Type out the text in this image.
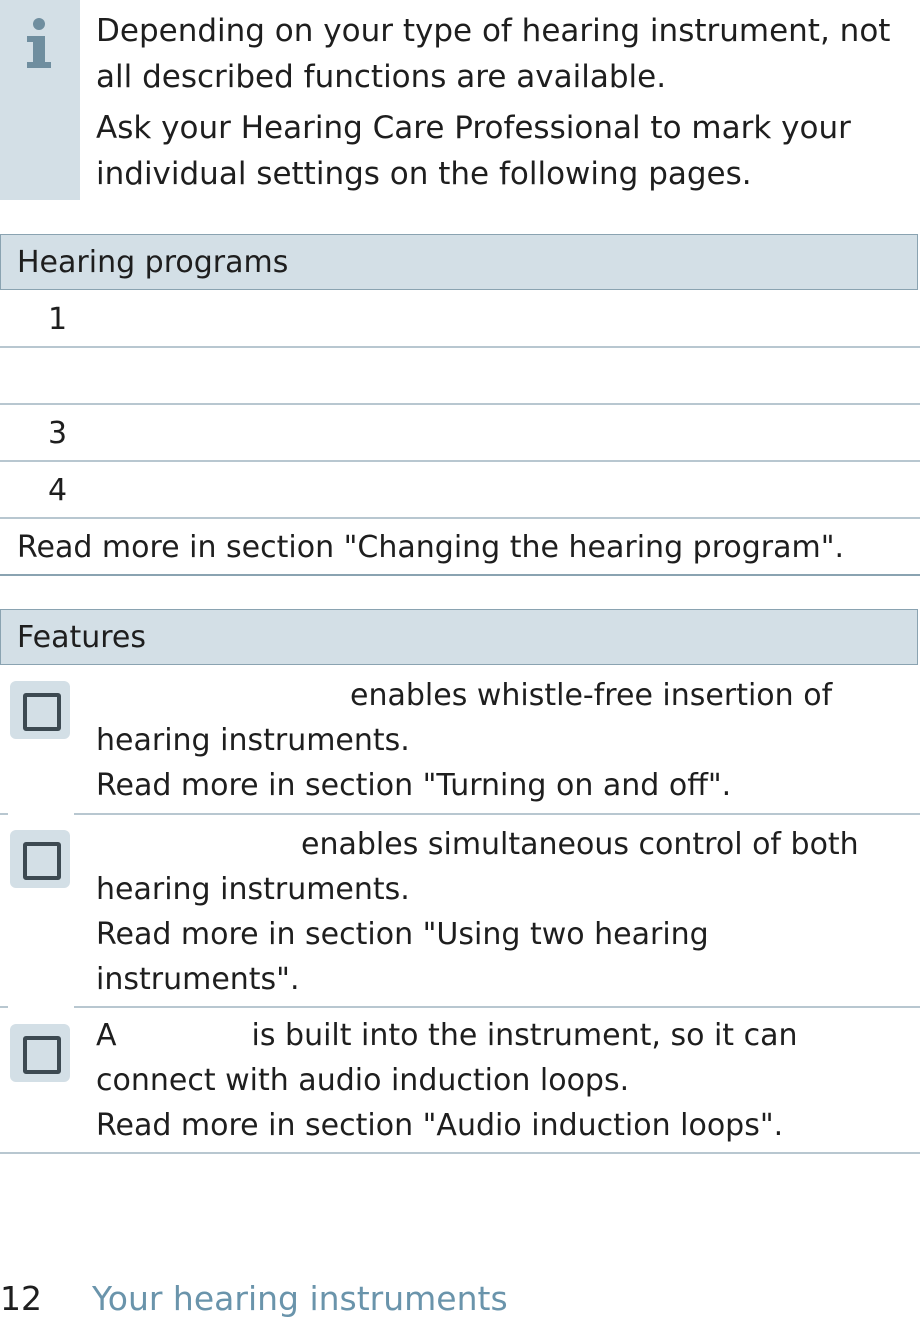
Depending on your type of hearing instrument, not all described functions are available.

Ask your Hearing Care Professional to mark your individual settings on the following pages.

Hearing programs
1
3
4
Read more in section "Changing the hearing program".
Features
enables whistle-free insertion of hearing instruments.
Read more in section "Turning on and off".
enables simultaneous control of both hearing instruments.
Read more in section "Using two hearing instruments".
A	is built into the instrument, so it can connect with audio induction loops.
Read more in section "Audio induction loops".
12 Your hearing instruments
